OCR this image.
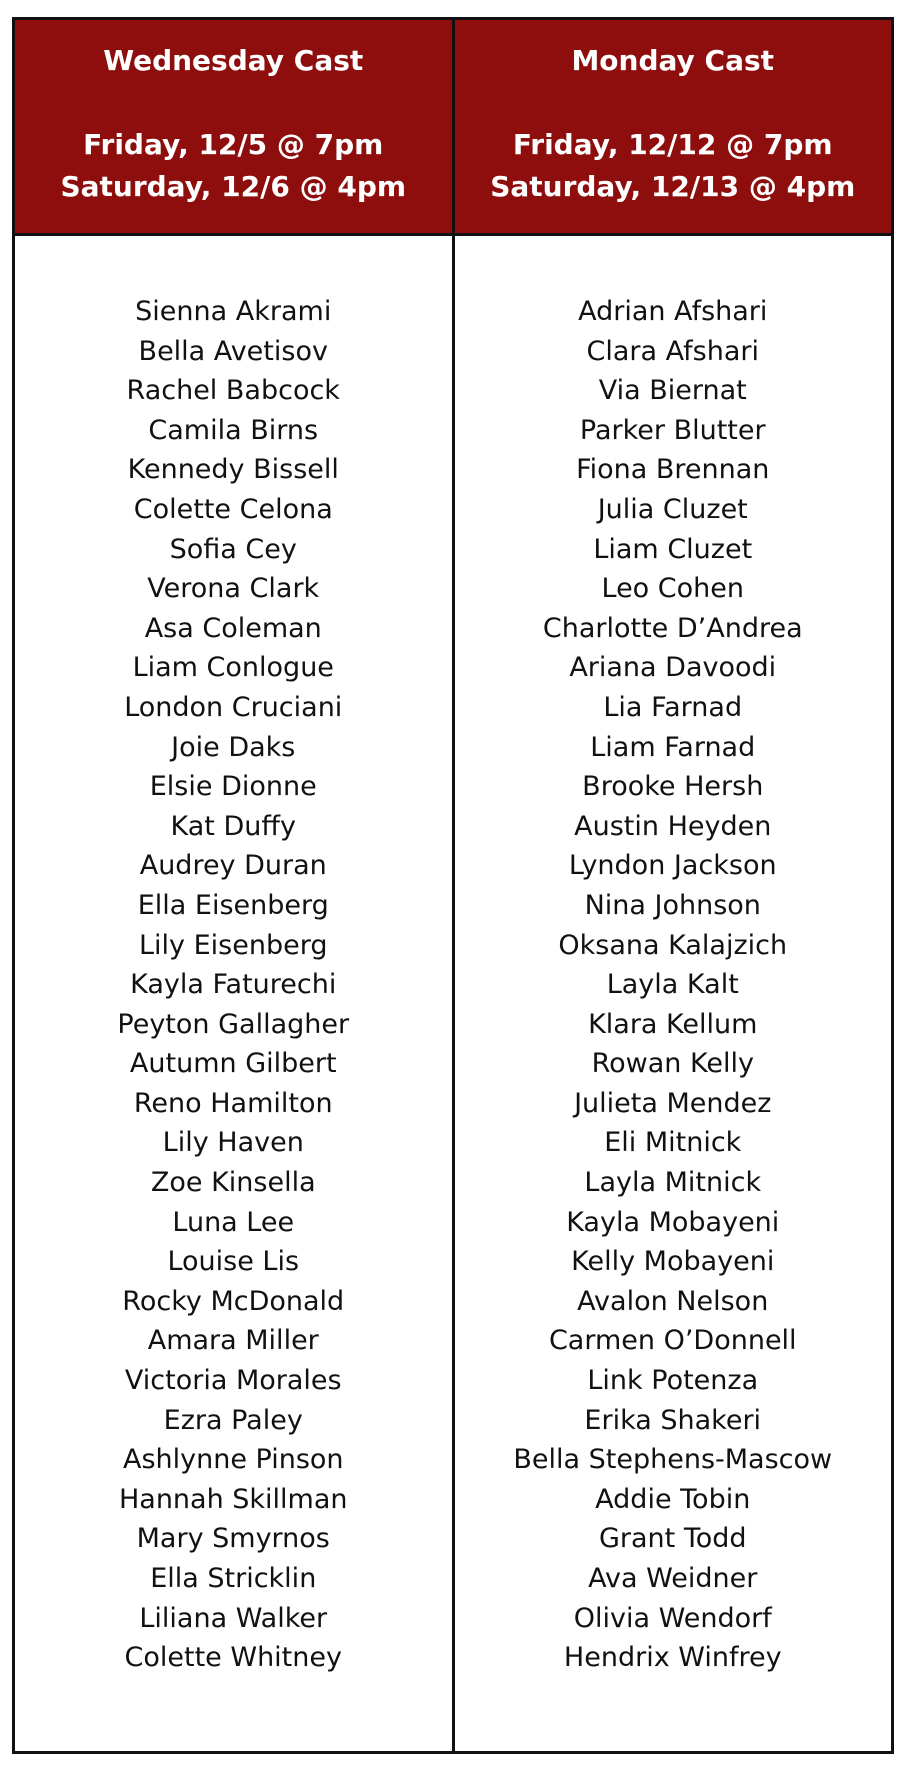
Wednesday Cast
Friday, 12/5 @ 7pm
Saturday, 12/6 @ 4pm
Sienna Akrami
Bella Avetisov
Rachel Babcock
Camila Birns
Kennedy Bissell
Colette Celona
Sofia Cey
Verona Clark
Asa Coleman
Liam Conlogue
London Cruciani
Joie Daks
Elsie Dionne
Kat Duffy
Audrey Duran
Ella Eisenberg
Lily Eisenberg
Kayla Faturechi
Peyton Gallagher
Autumn Gilbert
Reno Hamilton
Lily Haven
Zoe Kinsella
Luna Lee
Louise Lis
Rocky McDonald
Amara Miller
Victoria Morales
Ezra Paley
Ashlynne Pinson
Hannah Skillman
Mary Smyrnos
Ella Stricklin
Liliana Walker
Colette Whitney
Monday Cast
Friday, 12/12 @ 7pm
Saturday, 12/13 @ 4pm
Adrian Afshari
Clara Afshari
Via Biernat
Parker Blutter
Fiona Brennan
Julia Cluzet
Liam Cluzet
Leo Cohen
Charlotte D’Andrea
Ariana Davoodi
Lia Farnad
Liam Farnad
Brooke Hersh
Austin Heyden
Lyndon Jackson
Nina Johnson
Oksana Kalajzich
Layla Kalt
Klara Kellum
Rowan Kelly
Julieta Mendez
Eli Mitnick
Layla Mitnick
Kayla Mobayeni
Kelly Mobayeni
Avalon Nelson
Carmen O’Donnell
Link Potenza
Erika Shakeri
Bella Stephens-Mascow
Addie Tobin
Grant Todd
Ava Weidner
Olivia Wendorf
Hendrix Winfrey
